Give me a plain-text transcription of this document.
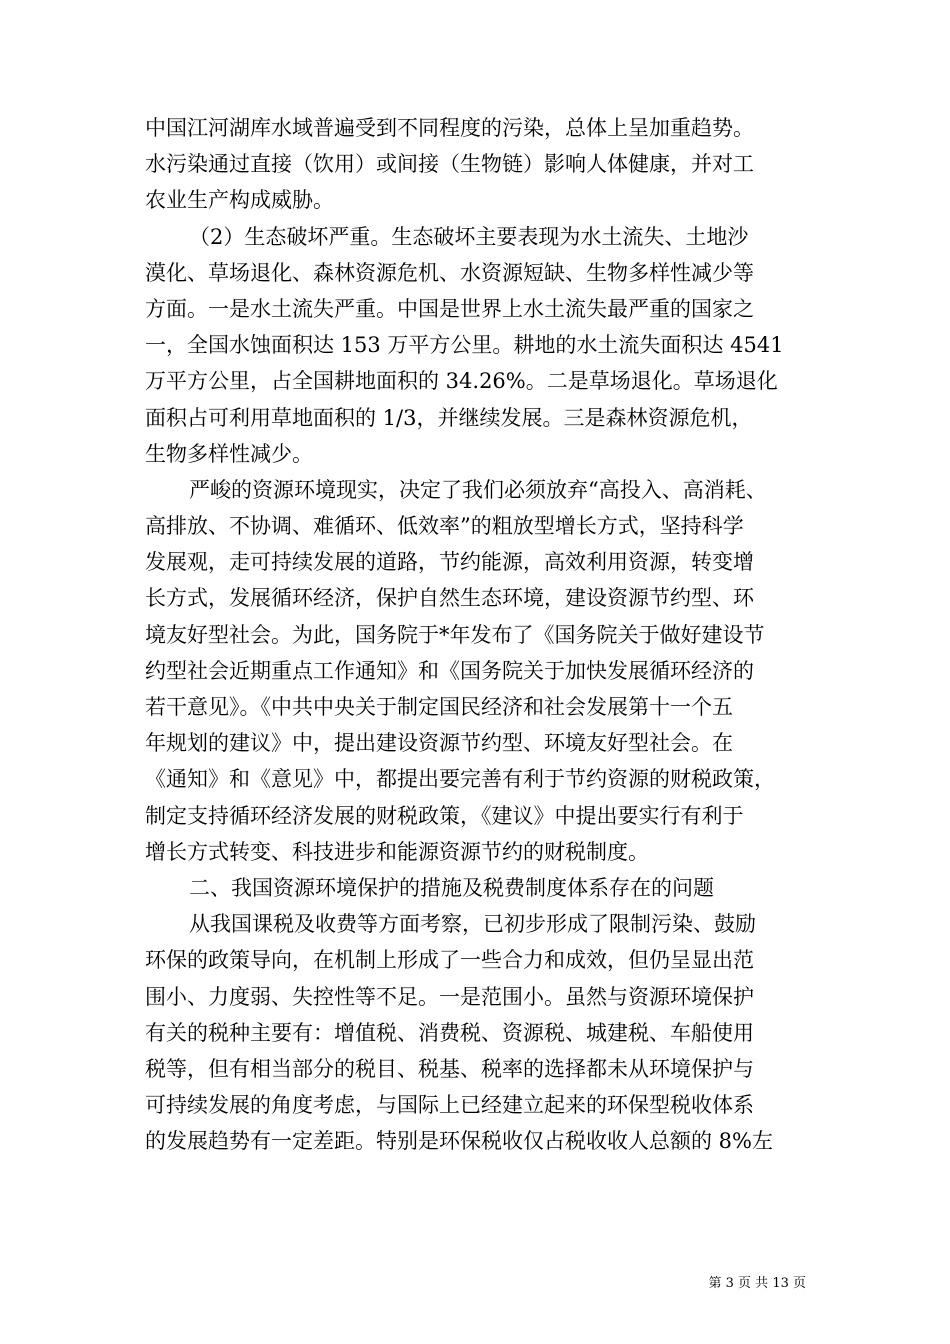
中国江河湖库水域普遍受到不同程度的污染，总体上呈加重趋势。
水污染通过直接（饮用）或间接（生物链）影响人体健康，并对工
农业生产构成威胁。
（2）生态破坏严重。生态破坏主要表现为水土流失、土地沙
漠化、草场退化、森林资源危机、水资源短缺、生物多样性减少等
方面。一是水土流失严重。中国是世界上水土流失最严重的国家之
一，全国水蚀面积达 153 万平方公里。耕地的水土流失面积达 4541
万平方公里，占全国耕地面积的 34.26%。二是草场退化。草场退化
面积占可利用草地面积的 1/3，并继续发展。三是森林资源危机，
生物多样性减少。
严峻的资源环境现实，决定了我们必须放弃“高投入、高消耗、
高排放、不协调、难循环、低效率”的粗放型增长方式，坚持科学
发展观，走可持续发展的道路，节约能源，高效利用资源，转变增
长方式，发展循环经济，保护自然生态环境，建设资源节约型、环
境友好型社会。为此，国务院于*年发布了《国务院关于做好建设节
约型社会近期重点工作通知》和《国务院关于加快发展循环经济的
若干意见》。《中共中央关于制定国民经济和社会发展第十一个五
年规划的建议》中，提出建设资源节约型、环境友好型社会。在
《通知》和《意见》中，都提出要完善有利于节约资源的财税政策，
制定支持循环经济发展的财税政策，《建议》中提出要实行有利于
增长方式转变、科技进步和能源资源节约的财税制度。
二、我国资源环境保护的措施及税费制度体系存在的问题
从我国课税及收费等方面考察，已初步形成了限制污染、鼓励
环保的政策导向，在机制上形成了一些合力和成效，但仍呈显出范
围小、力度弱、失控性等不足。一是范围小。虽然与资源环境保护
有关的税种主要有：增值税、消费税、资源税、城建税、车船使用
税等，但有相当部分的税目、税基、税率的选择都未从环境保护与
可持续发展的角度考虑，与国际上已经建立起来的环保型税收体系
的发展趋势有一定差距。特别是环保税收仅占税收收人总额的 8%左
第 3 页 共 13 页
